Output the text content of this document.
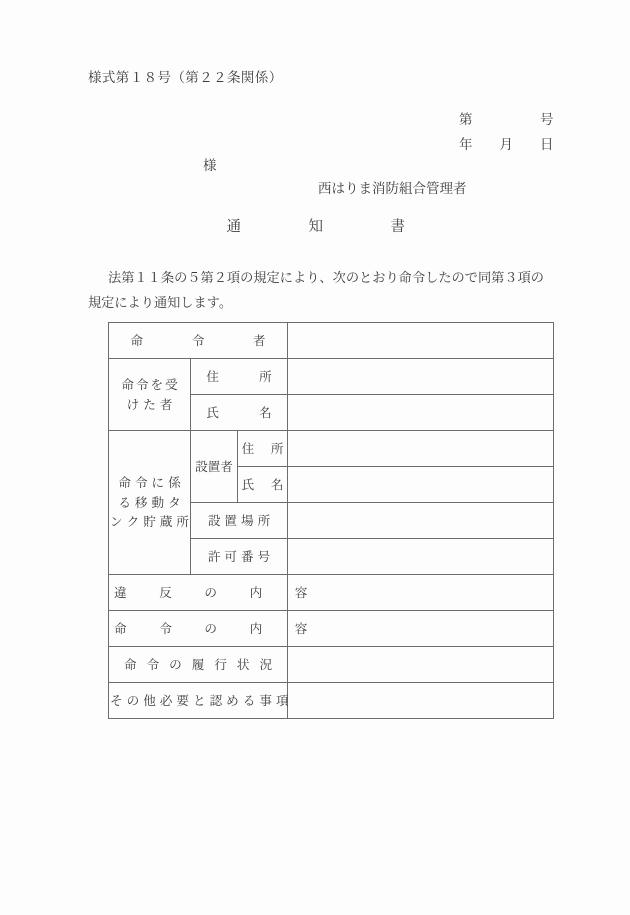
様式第１８号（第２２条関係）
第　　　　　号
年　　月　　日
様
西はりま消防組合管理者
通	知	書
法第１１条の５第２項の規定により、次のとおり命令したので同第３項の規定により通知します。
命　 令　 者			

命 令 を 受
け た 者	住　　 所		

	氏　　 名		

命 令 に 係
る 移 動 タ
ン ク 貯 蔵 所	設置者	住　 所	

		氏　 名	

	設 置 場 所		

	許 可 番 号		

違　 反　 の　 内　 容			

命　 令　 の　 内　 容			

命 令 の 履 行 状 況			

そ の 他 必 要 と 認 め る 事 項			
